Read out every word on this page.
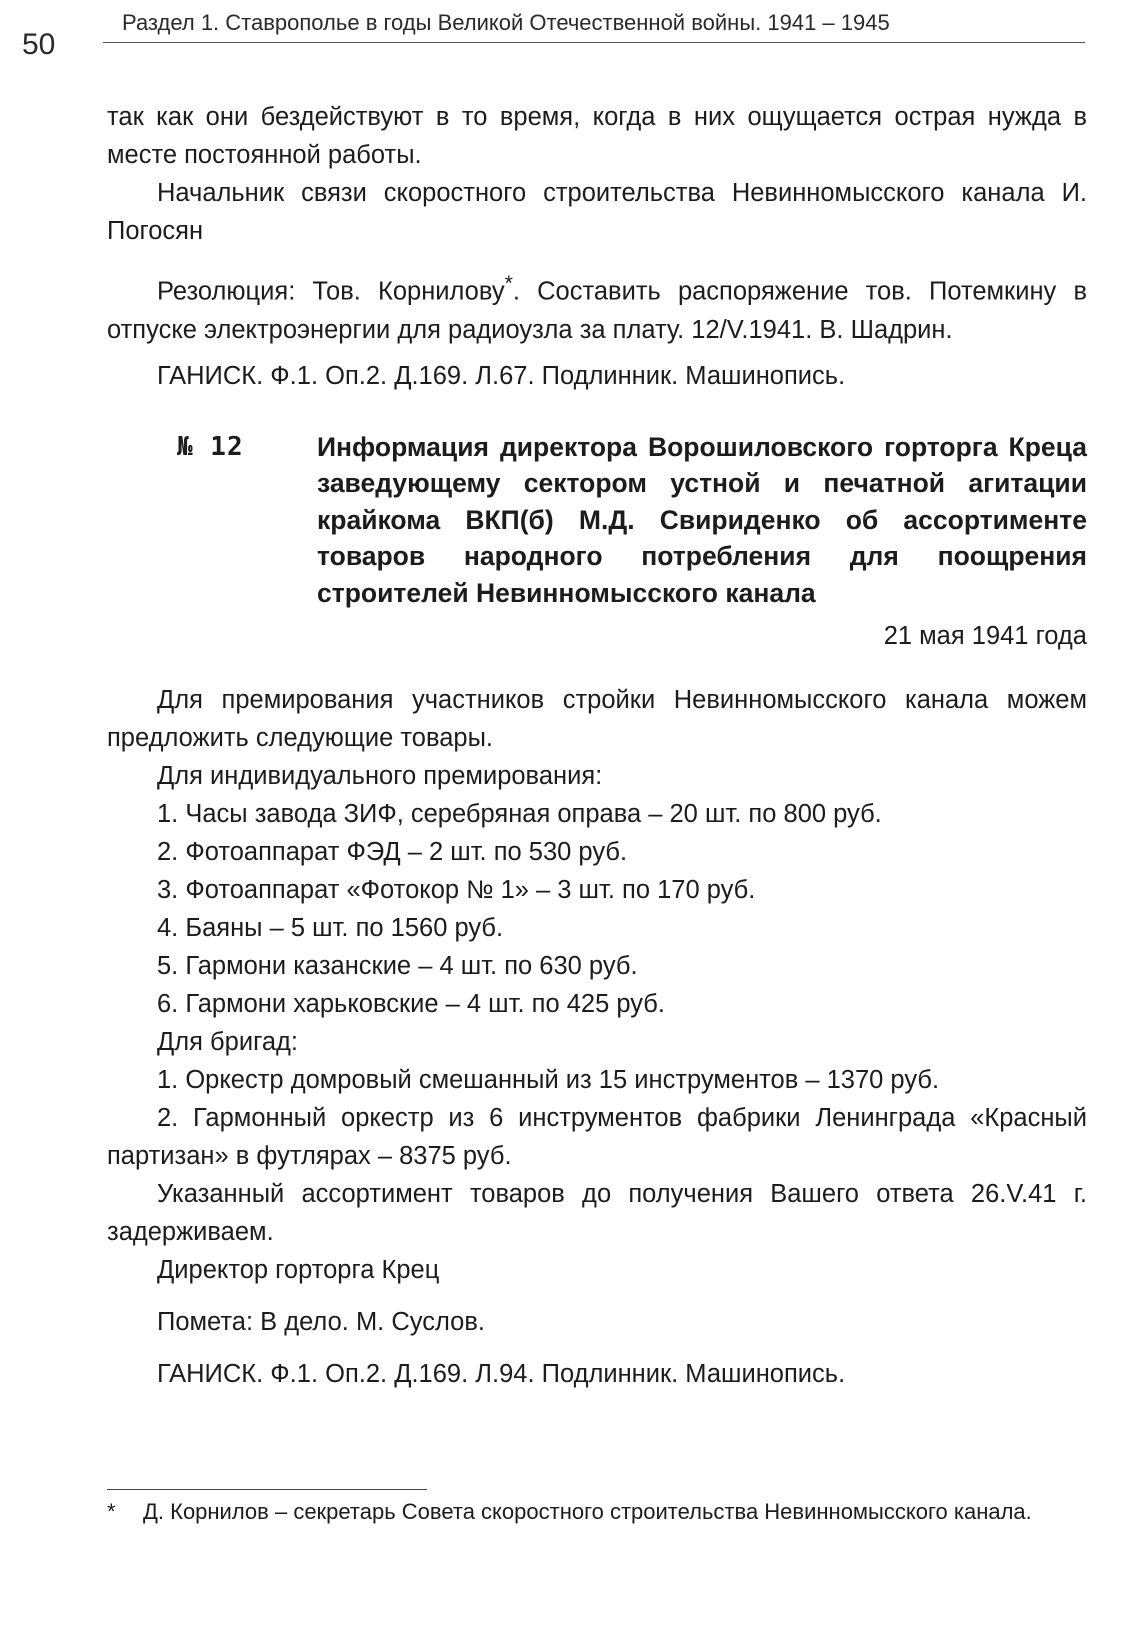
50
Раздел 1. Ставрополье в годы Великой Отечественной войны. 1941 – 1945

так как они бездействуют в то время, когда в них ощущается острая нужда в месте постоянной работы.

Начальник связи скоростного строительства Невинномысского канала И. Погосян

Резолюция: Тов. Корнилову*. Составить распоряжение тов. Потемкину в отпуске электроэнергии для радиоузла за плату. 12/V.1941. В. Шадрин.

ГАНИСК. Ф.1. Оп.2. Д.169. Л.67. Подлинник. Машинопись.

№ 12	Информация директора Ворошиловского горторга Креца заведующему сектором устной и печатной агитации крайкома ВКП(б) М.Д. Свириденко об ассортименте товаров народного потребления для поощрения строителей Невинномысского канала

21 мая 1941 года

Для премирования участников стройки Невинномысского канала можем предложить следующие товары.

Для индивидуального премирования:

1. Часы завода ЗИФ, серебряная оправа – 20 шт. по 800 руб.

2. Фотоаппарат ФЭД – 2 шт. по 530 руб.

3. Фотоаппарат «Фотокор № 1» – 3 шт. по 170 руб.

4. Баяны – 5 шт. по 1560 руб.

5. Гармони казанские – 4 шт. по 630 руб.

6. Гармони харьковские – 4 шт. по 425 руб.

Для бригад:

1. Оркестр домровый смешанный из 15 инструментов – 1370 руб.

2. Гармонный оркестр из 6 инструментов фабрики Ленинграда «Красный партизан» в футлярах – 8375 руб.

Указанный ассортимент товаров до получения Вашего ответа 26.V.41 г. задерживаем.

Директор горторга Крец

Помета: В дело. М. Суслов.

ГАНИСК. Ф.1. Оп.2. Д.169. Л.94. Подлинник. Машинопись.

* Д. Корнилов – секретарь Совета скоростного строительства Невинномысского канала.
